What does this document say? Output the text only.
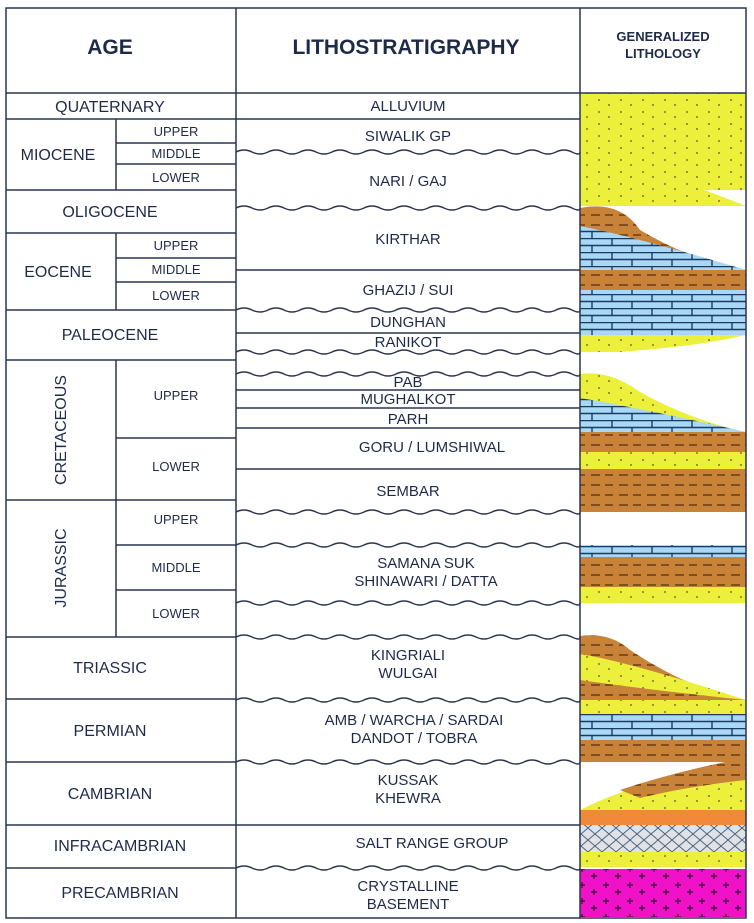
AGE	LITHOSTRATIGRAPHY	GENERALIZED
LITHOLOGY
QUATERNARY
MIOCENE
OLIGOCENE
EOCENE
PALEOCENE
CRETACEOUS
JURASSIC
TRIASSIC
PERMIAN
CAMBRIAN
INFRACAMBRIAN
PRECAMBRIAN
UPPER
MIDDLE
LOWER
UPPER
MIDDLE
LOWER
UPPER
LOWER
UPPER
MIDDLE
LOWER
ALLUVIUM
SIWALIK GP
NARI / GAJ
KIRTHAR
GHAZIJ / SUI
DUNGHAN
RANIKOT
PAB
MUGHALKOT
PARH
GORU / LUMSHIWAL
SEMBAR
SAMANA SUK
SHINAWARI / DATTA
KINGRIALI
WULGAI
AMB / WARCHA / SARDAI
DANDOT / TOBRA
KUSSAK
KHEWRA
SALT RANGE GROUP
CRYSTALLINE
BASEMENT
